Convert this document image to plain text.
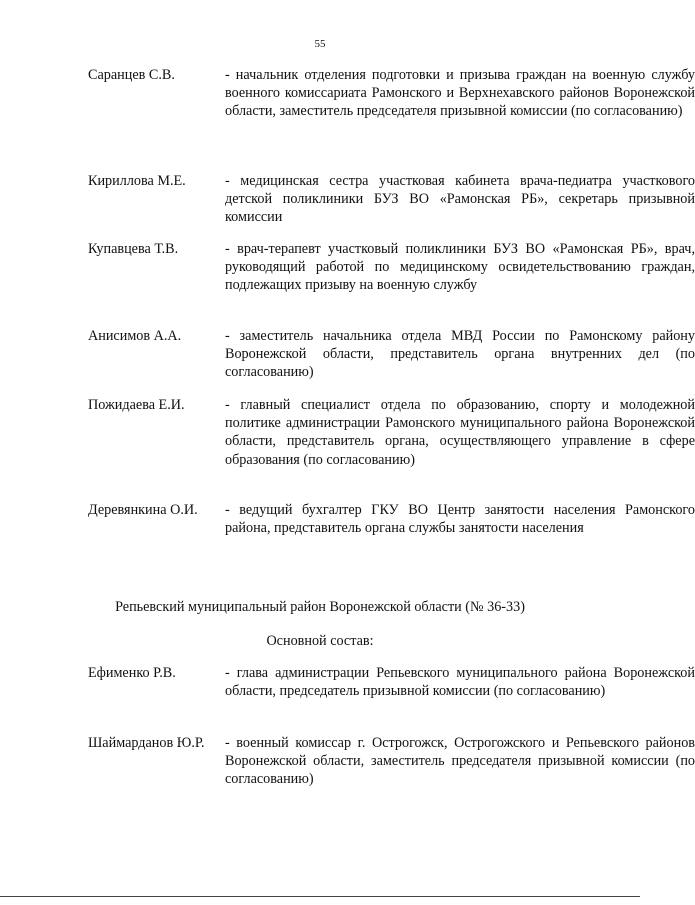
55
Саранцев С.В.	- начальник отделения подготовки и призыва граждан на военную службу военного комиссариата Рамонского и Верхнехавского районов Воронежской области, заместитель председателя призывной комиссии (по согласованию)
Кириллова М.Е.	- медицинская сестра участковая кабинета врача-педиатра участкового детской поликлиники БУЗ ВО «Рамонская РБ», секретарь призывной комиссии
Купавцева Т.В.	- врач-терапевт участковый поликлиники БУЗ ВО «Рамонская РБ», врач, руководящий работой по медицинскому освидетельствованию граждан, подлежащих призыву на военную службу
Анисимов А.А.	- заместитель начальника отдела МВД России по Рамонскому району Воронежской области, представитель органа внутренних дел (по согласованию)
Пожидаева Е.И.	- главный специалист отдела по образованию, спорту и молодежной политике администрации Рамонского муниципального района Воронежской области, представитель органа, осуществляющего управление в сфере образования (по согласованию)
Деревянкина О.И.	- ведущий бухгалтер ГКУ ВО Центр занятости населения Рамонского района, представитель органа службы занятости населения
Репьевский муниципальный район Воронежской области (№ 36-33)
Основной состав:
Ефименко Р.В.	- глава администрации Репьевского муниципального района Воронежской области, председатель призывной комиссии (по согласованию)
Шаймарданов Ю.Р.	- военный комиссар г. Острогожск, Острогожского и Репьевского районов Воронежской области, заместитель председателя призывной комиссии (по согласованию)
